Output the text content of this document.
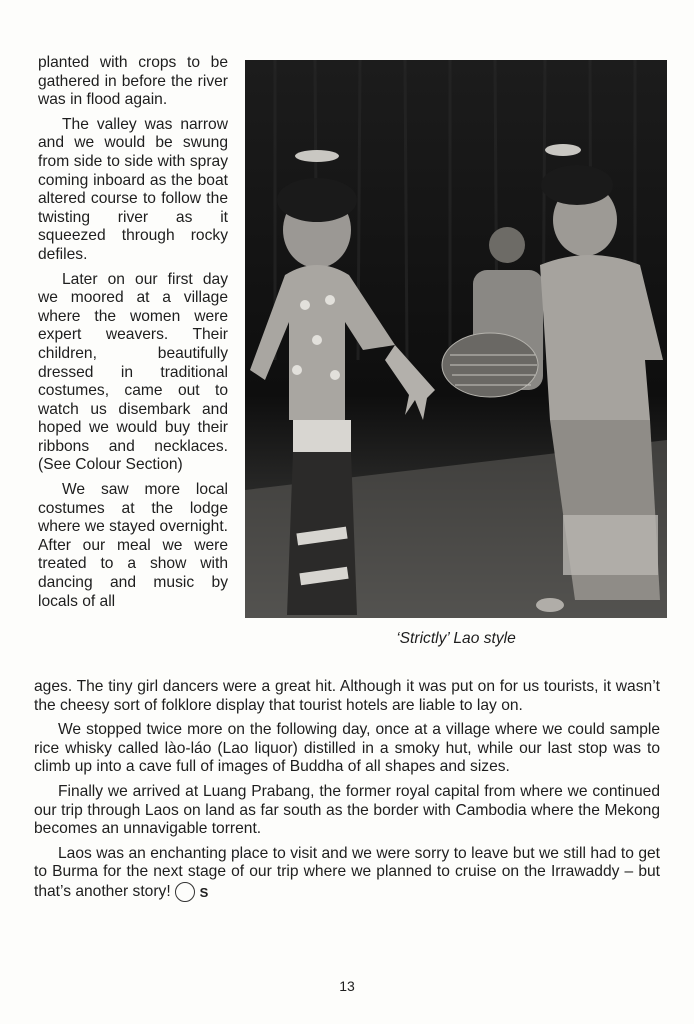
planted with crops to be gathered in before the river was in flood again.

The valley was narrow and we would be swung from side to side with spray coming inboard as the boat altered course to follow the twisting river as it squeezed through rocky defiles.

Later on our first day we moored at a village where the women were expert weavers. Their children, beautifully dressed in traditional costumes, came out to watch us disembark and hoped we would buy their ribbons and necklaces. (See Colour Section)

We saw more local costumes at the lodge where we stayed overnight. After our meal we were treated to a show with dancing and music by locals of all

‘Strictly’ Lao style

ages. The tiny girl dancers were a great hit. Although it was put on for us tourists, it wasn’t the cheesy sort of folklore display that tourist hotels are liable to lay on.

We stopped twice more on the following day, once at a village where we could sample rice whisky called lào-láo (Lao liquor) distilled in a smoky hut, while our last stop was to climb up into a cave full of images of Buddha of all shapes and sizes.

Finally we arrived at Luang Prabang, the former royal capital from where we continued our trip through Laos on land as far south as the border with Cambodia where the Mekong becomes an unnavigable torrent.

Laos was an enchanting place to visit and we were sorry to leave but we still had to get to Burma for the next stage of our trip where we planned to cruise on the Irrawaddy – but that’s another story! S

13
